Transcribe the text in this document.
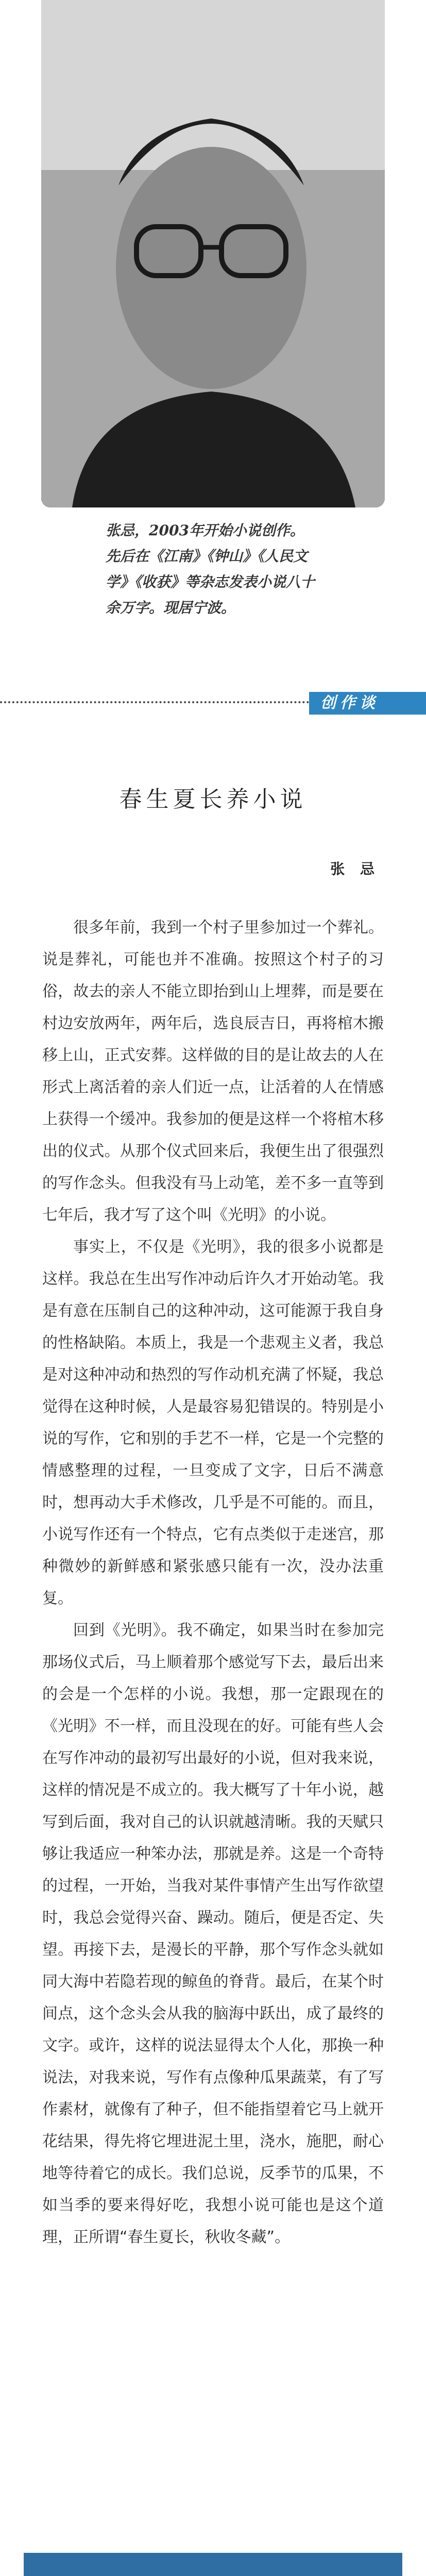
张忌，2003年开始小说创作。

先后在《江南》《钟山》《人民文

学》《收获》等杂志发表小说八十

余万字。现居宁波。

创作谈
春生夏长养小说
张 忌

很多年前，我到一个村子里参加过一个葬礼。说是葬礼，可能也并不准确。按照这个村子的习俗，故去的亲人不能立即抬到山上埋葬，而是要在村边安放两年，两年后，选良辰吉日，再将棺木搬移上山，正式安葬。这样做的目的是让故去的人在形式上离活着的亲人们近一点，让活着的人在情感上获得一个缓冲。我参加的便是这样一个将棺木移出的仪式。从那个仪式回来后，我便生出了很强烈的写作念头。但我没有马上动笔，差不多一直等到七年后，我才写了这个叫《光明》的小说。

事实上，不仅是《光明》，我的很多小说都是这样。我总在生出写作冲动后许久才开始动笔。我是有意在压制自己的这种冲动，这可能源于我自身的性格缺陷。本质上，我是一个悲观主义者，我总是对这种冲动和热烈的写作动机充满了怀疑，我总觉得在这种时候，人是最容易犯错误的。特别是小说的写作，它和别的手艺不一样，它是一个完整的情感整理的过程，一旦变成了文字，日后不满意时，想再动大手术修改，几乎是不可能的。而且，小说写作还有一个特点，它有点类似于走迷宫，那种微妙的新鲜感和紧张感只能有一次，没办法重复。

回到《光明》。我不确定，如果当时在参加完那场仪式后，马上顺着那个感觉写下去，最后出来的会是一个怎样的小说。我想，那一定跟现在的《光明》不一样，而且没现在的好。可能有些人会在写作冲动的最初写出最好的小说，但对我来说，这样的情况是不成立的。我大概写了十年小说，越写到后面，我对自己的认识就越清晰。我的天赋只够让我适应一种笨办法，那就是养。这是一个奇特的过程，一开始，当我对某件事情产生出写作欲望时，我总会觉得兴奋、躁动。随后，便是否定、失望。再接下去，是漫长的平静，那个写作念头就如同大海中若隐若现的鲸鱼的脊背。最后，在某个时间点，这个念头会从我的脑海中跃出，成了最终的文字。或许，这样的说法显得太个人化，那换一种说法，对我来说，写作有点像种瓜果蔬菜，有了写作素材，就像有了种子，但不能指望着它马上就开花结果，得先将它埋进泥土里，浇水，施肥，耐心地等待着它的成长。我们总说，反季节的瓜果，不如当季的要来得好吃，我想小说可能也是这个道理，正所谓“春生夏长，秋收冬藏”。
